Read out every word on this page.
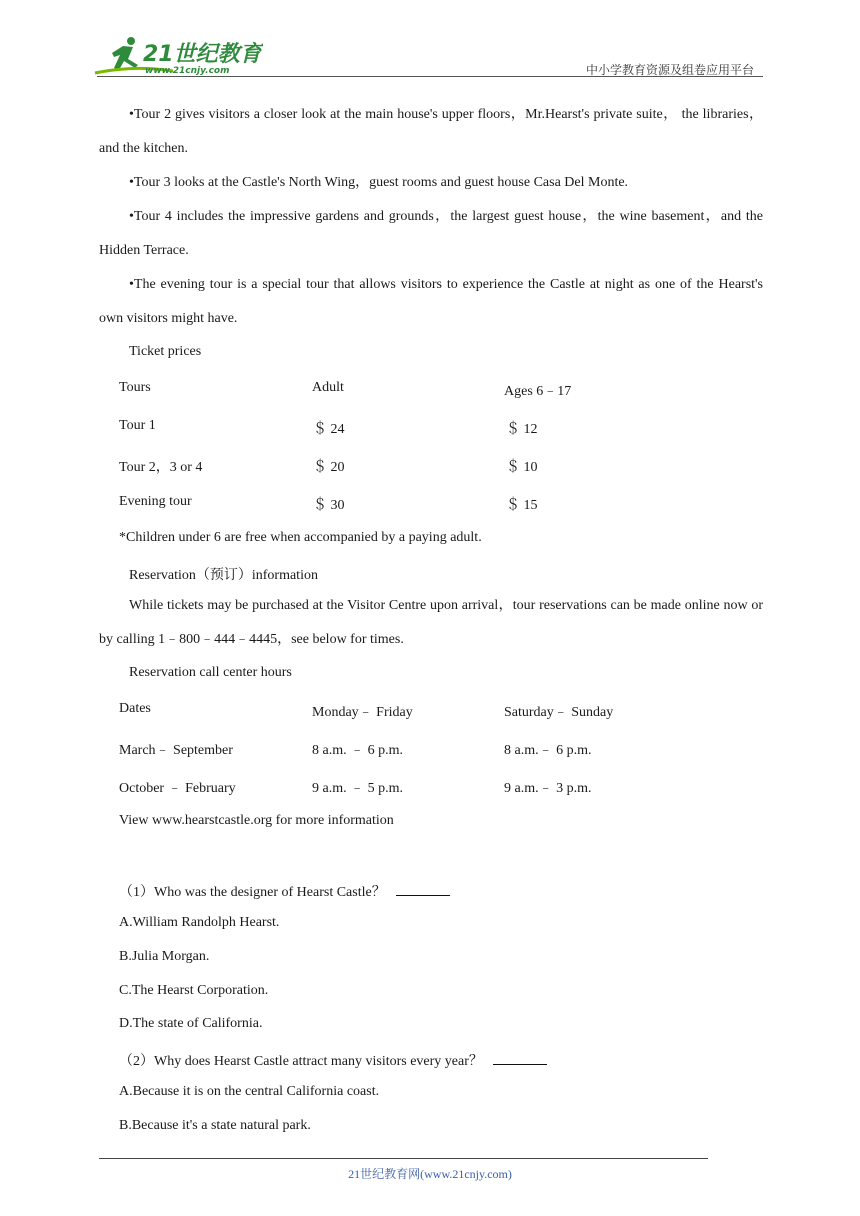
21世纪教育
www.21cnjy.com	中小学教育资源及组卷应用平台
•Tour 2 gives visitors a closer look at the main house's upper floors，Mr.Hearst's private suite， the libraries，and the kitchen.
•Tour 3 looks at the Castle's North Wing，guest rooms and guest house Casa Del Monte.
•Tour 4 includes the impressive gardens and grounds，the largest guest house，the wine basement，and the Hidden Terrace.
•The evening tour is a special tour that allows visitors to experience the Castle at night as one of the Hearst's own visitors might have.
Ticket prices
Tours	Adult	Ages 6﹣17
Tour 1	＄ 24	＄ 12
Tour 2，3 or 4	＄ 20	＄ 10
Evening tour	＄ 30	＄ 15
*Children under 6 are free when accompanied by a paying adult.
Reservation（预订）information
While tickets may be purchased at the Visitor Centre upon arrival，tour reservations can be made online now or by calling 1﹣800﹣444﹣4445，see below for times.
Reservation call center hours
Dates	Monday﹣ Friday	Saturday﹣ Sunday
March﹣ September	8 a.m. ﹣ 6 p.m.	8 a.m.﹣ 6 p.m.
October ﹣ February	9 a.m. ﹣ 5 p.m.	9 a.m.﹣ 3 p.m.
View www.hearstcastle.org for more information
（1）Who was the designer of Hearst Castle？
A.William Randolph Hearst.
B.Julia Morgan.
C.The Hearst Corporation.
D.The state of California.
（2）Why does Hearst Castle attract many visitors every year？
A.Because it is on the central California coast.
B.Because it's a state natural park.
21世纪教育网(www.21cnjy.com)
